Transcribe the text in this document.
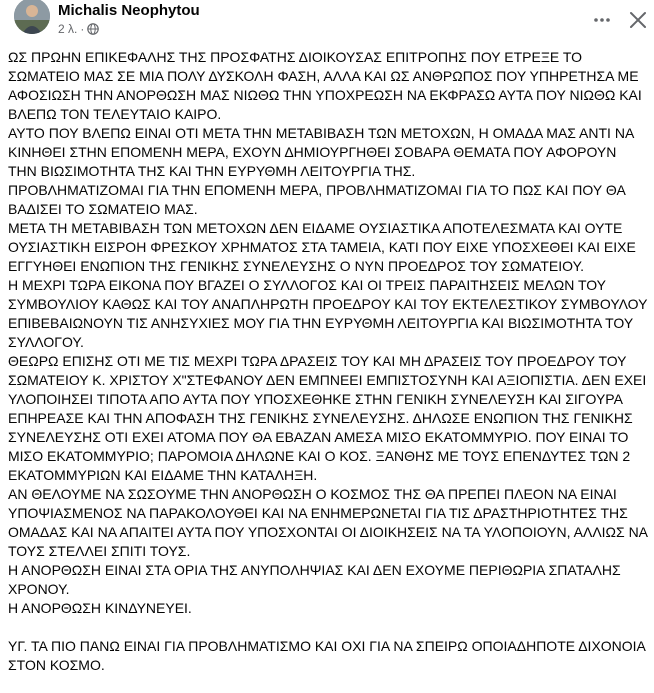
Michalis Neophytou
2 λ. ·

ΩΣ ΠΡΩΗΝ ΕΠΙΚΕΦΑΛΗΣ ΤΗΣ ΠΡΟΣΦΑΤΗΣ ΔΙΟΙΚΟΥΣΑΣ ΕΠΙΤΡΟΠΗΣ ΠΟΥ ΕΤΡΕΞΕ ΤΟ ΣΩΜΑΤΕΙΟ ΜΑΣ ΣΕ ΜΙΑ ΠΟΛΥ ΔΥΣΚΟΛΗ ΦΑΣΗ, ΑΛΛΑ ΚΑΙ ΩΣ ΑΝΘΡΩΠΟΣ ΠΟΥ ΥΠΗΡΕΤΗΣΑ ΜΕ ΑΦΟΣΙΩΣΗ ΤΗΝ ΑΝΟΡΘΩΣΗ ΜΑΣ ΝΙΩΘΩ ΤΗΝ ΥΠΟΧΡΕΩΣΗ ΝΑ ΕΚΦΡΑΣΩ ΑΥΤΑ ΠΟΥ ΝΙΩΘΩ ΚΑΙ ΒΛΕΠΩ ΤΟΝ ΤΕΛΕΥΤΑΙΟ ΚΑΙΡΟ.

ΑΥΤΟ ΠΟΥ ΒΛΕΠΩ ΕΙΝΑΙ ΟΤΙ ΜΕΤΑ ΤΗΝ ΜΕΤΑΒΙΒΑΣΗ ΤΩΝ ΜΕΤΟΧΩΝ, Η ΟΜΑΔΑ ΜΑΣ ΑΝΤΙ ΝΑ ΚΙΝΗΘΕΙ ΣΤΗΝ ΕΠΟΜΕΝΗ ΜΕΡΑ, ΕΧΟΥΝ ΔΗΜΙΟΥΡΓΗΘΕΙ ΣΟΒΑΡΑ ΘΕΜΑΤΑ ΠΟΥ ΑΦΟΡΟΥΝ ΤΗΝ ΒΙΩΣΙΜΟΤΗΤΑ ΤΗΣ ΚΑΙ ΤΗΝ ΕΥΡΥΘΜΗ ΛΕΙΤΟΥΡΓΙΑ ΤΗΣ.

ΠΡΟΒΛΗΜΑΤΙΖΟΜΑΙ ΓΙΑ ΤΗΝ ΕΠΟΜΕΝΗ ΜΕΡΑ, ΠΡΟΒΛΗΜΑΤΙΖΟΜΑΙ ΓΙΑ ΤΟ ΠΩΣ ΚΑΙ ΠΟΥ ΘΑ ΒΑΔΙΣΕΙ ΤΟ ΣΩΜΑΤΕΙΟ ΜΑΣ.

ΜΕΤΑ ΤΗ ΜΕΤΑΒΙΒΑΣΗ ΤΩΝ ΜΕΤΟΧΩΝ ΔΕΝ ΕΙΔΑΜΕ ΟΥΣΙΑΣΤΙΚΑ ΑΠΟΤΕΛΕΣΜΑΤΑ ΚΑΙ ΟΥΤΕ ΟΥΣΙΑΣΤΙΚΗ ΕΙΣΡΟΗ ΦΡΕΣΚΟΥ ΧΡΗΜΑΤΟΣ ΣΤΑ ΤΑΜΕΙΑ, ΚΑΤΙ ΠΟΥ ΕΙΧΕ ΥΠΟΣΧΕΘΕΙ ΚΑΙ ΕΙΧΕ ΕΓΓΥΗΘΕΙ ΕΝΩΠΙΟΝ ΤΗΣ ΓΕΝΙΚΗΣ ΣΥΝΕΛΕΥΣΗΣ Ο ΝΥΝ ΠΡΟΕΔΡΟΣ ΤΟΥ ΣΩΜΑΤΕΙΟΥ.

Η ΜΕΧΡΙ ΤΩΡΑ ΕΙΚΟΝΑ ΠΟΥ ΒΓΑΖΕΙ Ο ΣΥΛΛΟΓΟΣ ΚΑΙ ΟΙ ΤΡΕΙΣ ΠΑΡΑΙΤΗΣΕΙΣ ΜΕΛΩΝ ΤΟΥ ΣΥΜΒΟΥΛΙΟΥ ΚΑΘΩΣ ΚΑΙ ΤΟΥ ΑΝΑΠΛΗΡΩΤΗ ΠΡΟΕΔΡΟΥ ΚΑΙ ΤΟΥ ΕΚΤΕΛΕΣΤΙΚΟΥ ΣΥΜΒΟΥΛΟΥ ΕΠΙΒΕΒΑΙΩΝΟΥΝ ΤΙΣ ΑΝΗΣΥΧΙΕΣ ΜΟΥ ΓΙΑ ΤΗΝ ΕΥΡΥΘΜΗ ΛΕΙΤΟΥΡΓΙΑ ΚΑΙ ΒΙΩΣΙΜΟΤΗΤΑ ΤΟΥ ΣΥΛΛΟΓΟΥ.

ΘΕΩΡΩ ΕΠΙΣΗΣ ΟΤΙ ΜΕ ΤΙΣ ΜΕΧΡΙ ΤΩΡΑ ΔΡΑΣΕΙΣ ΤΟΥ ΚΑΙ ΜΗ ΔΡΑΣΕΙΣ ΤΟΥ ΠΡΟΕΔΡΟΥ ΤΟΥ ΣΩΜΑΤΕΙΟΥ Κ. ΧΡΙΣΤΟΥ Χ"ΣΤΕΦΑΝΟΥ ΔΕΝ ΕΜΠΝΕΕΙ ΕΜΠΙΣΤΟΣΥΝΗ ΚΑΙ ΑΞΙΟΠΙΣΤΙΑ. ΔΕΝ ΕΧΕΙ ΥΛΟΠΟΙΗΣΕΙ ΤΙΠΟΤΑ ΑΠΟ ΑΥΤΑ ΠΟΥ ΥΠΟΣΧΕΘΗΚΕ ΣΤΗΝ ΓΕΝΙΚΗ ΣΥΝΕΛΕΥΣΗ ΚΑΙ ΣΙΓΟΥΡΑ ΕΠΗΡΕΑΣΕ ΚΑΙ ΤΗΝ ΑΠΟΦΑΣΗ ΤΗΣ ΓΕΝΙΚΗΣ ΣΥΝΕΛΕΥΣΗΣ. ΔΗΛΩΣΕ ΕΝΩΠΙΟΝ ΤΗΣ ΓΕΝΙΚΗΣ ΣΥΝΕΛΕΥΣΗΣ ΟΤΙ ΕΧΕΙ ΑΤΟΜΑ ΠΟΥ ΘΑ ΕΒΑΖΑΝ ΑΜΕΣΑ ΜΙΣΟ ΕΚΑΤΟΜΜΥΡΙΟ. ΠΟΥ ΕΙΝΑΙ ΤΟ ΜΙΣΟ ΕΚΑΤΟΜΜΥΡΙΟ; ΠΑΡΟΜΟΙΑ ΔΗΛΩΝΕ ΚΑΙ Ο ΚΟΣ. ΞΑΝΘΗΣ ΜΕ ΤΟΥΣ ΕΠΕΝΔΥΤΕΣ ΤΩΝ 2 ΕΚΑΤΟΜΜΥΡΙΩΝ ΚΑΙ ΕΙΔΑΜΕ ΤΗΝ ΚΑΤΑΛΗΞΗ.

ΑΝ ΘΕΛΟΥΜΕ ΝΑ ΣΩΣΟΥΜΕ ΤΗΝ ΑΝΟΡΘΩΣΗ Ο ΚΟΣΜΟΣ ΤΗΣ ΘΑ ΠΡΕΠΕΙ ΠΛΕΟΝ ΝΑ ΕΙΝΑΙ ΥΠΟΨΙΑΣΜΕΝΟΣ ΝΑ ΠΑΡΑΚΟΛΟΥΘΕΙ ΚΑΙ ΝΑ ΕΝΗΜΕΡΩΝΕΤΑΙ ΓΙΑ ΤΙΣ ΔΡΑΣΤΗΡΙΟΤΗΤΕΣ ΤΗΣ ΟΜΑΔΑΣ ΚΑΙ ΝΑ ΑΠΑΙΤΕΙ ΑΥΤΑ ΠΟΥ ΥΠΟΣΧΟΝΤΑΙ ΟΙ ΔΙΟΙΚΗΣΕΙΣ ΝΑ ΤΑ ΥΛΟΠΟΙΟΥΝ, ΑΛΛΙΩΣ ΝΑ ΤΟΥΣ ΣΤΕΛΛΕΙ ΣΠΙΤΙ ΤΟΥΣ.

Η ΑΝΟΡΘΩΣΗ ΕΙΝΑΙ ΣΤΑ ΟΡΙΑ ΤΗΣ ΑΝΥΠΟΛΗΨΙΑΣ ΚΑΙ ΔΕΝ ΕΧΟΥΜΕ ΠΕΡΙΘΩΡΙΑ ΣΠΑΤΑΛΗΣ ΧΡΟΝΟΥ.

Η ΑΝΟΡΘΩΣΗ ΚΙΝΔΥΝΕΥΕΙ.

ΥΓ. ΤΑ ΠΙΟ ΠΑΝΩ ΕΙΝΑΙ ΓΙΑ ΠΡΟΒΛΗΜΑΤΙΣΜΟ ΚΑΙ ΟΧΙ ΓΙΑ ΝΑ ΣΠΕΙΡΩ ΟΠΟΙΑΔΗΠΟΤΕ ΔΙΧΟΝΟΙΑ ΣΤΟΝ ΚΟΣΜΟ.
